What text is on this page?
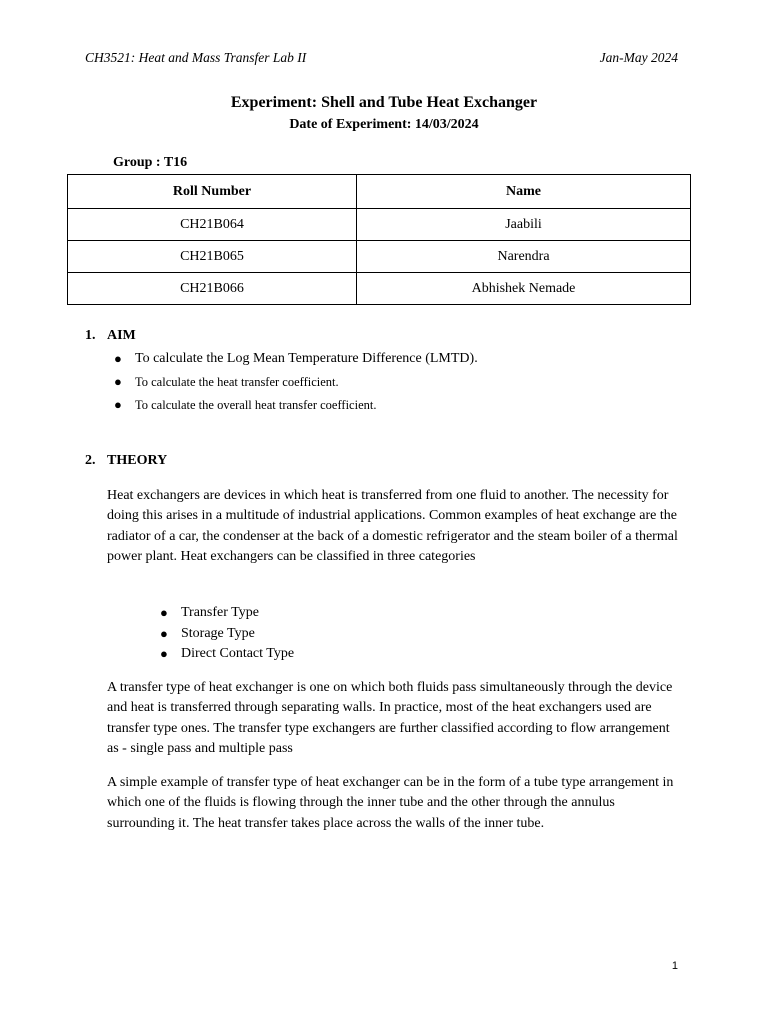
CH3521: Heat and Mass Transfer Lab II	Jan-May 2024
Experiment: Shell and Tube Heat Exchanger
Date of Experiment: 14/03/2024
Group : T16
Roll Number	Name
CH21B064	Jaabili
CH21B065	Narendra
CH21B066	Abhishek Nemade
1. AIM
● To calculate the Log Mean Temperature Difference (LMTD).
● To calculate the heat transfer coefficient.
● To calculate the overall heat transfer coefficient.
2. THEORY

Heat exchangers are devices in which heat is transferred from one fluid to another. The necessity for doing this arises in a multitude of industrial applications. Common examples of heat exchange are the radiator of a car, the condenser at the back of a domestic refrigerator and the steam boiler of a thermal power plant. Heat exchangers can be classified in three categories

● Transfer Type
● Storage Type
● Direct Contact Type

A transfer type of heat exchanger is one on which both fluids pass simultaneously through the device and heat is transferred through separating walls. In practice, most of the heat exchangers used are transfer type ones. The transfer type exchangers are further classified according to flow arrangement as - single pass and multiple pass

A simple example of transfer type of heat exchanger can be in the form of a tube type arrangement in which one of the fluids is flowing through the inner tube and the other through the annulus surrounding it. The heat transfer takes place across the walls of the inner tube.

1
